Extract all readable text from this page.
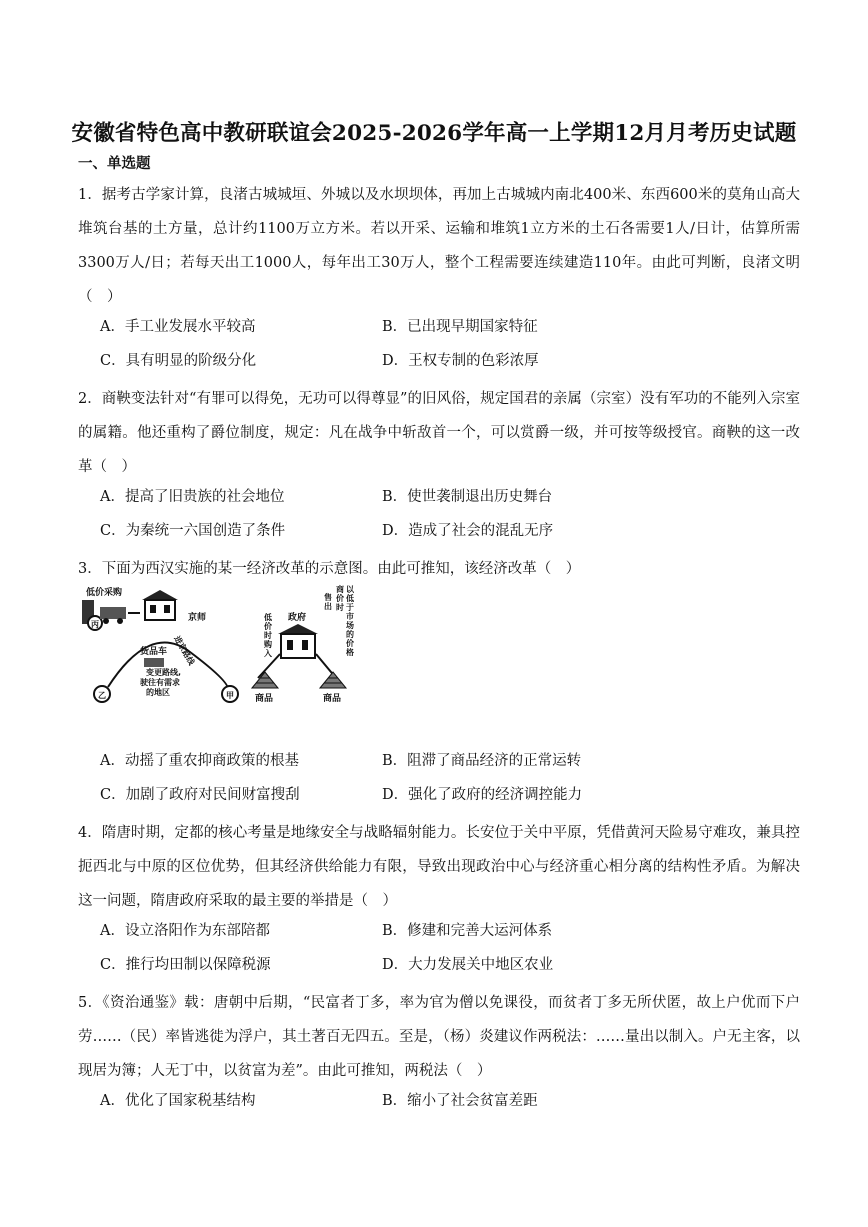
安徽省特色高中教研联谊会2025-2026学年高一上学期12月月考历史试题
一、单选题
1．据考古学家计算，良渚古城城垣、外城以及水坝坝体，再加上古城城内南北400米、东西600米的莫角山高大堆筑台基的土方量，总计约1100万立方米。若以开采、运输和堆筑1立方米的土石各需要1人/日计，估算所需3300万人/日；若每天出工1000人，每年出工30万人，整个工程需要连续建造110年。由此可判断，良渚文明（　）
A．手工业发展水平较高	B．已出现早期国家特征
C．具有明显的阶级分化	D．王权专制的色彩浓厚
2．商鞅变法针对“有罪可以得免，无功可以得尊显”的旧风俗，规定国君的亲属（宗室）没有军功的不能列入宗室的属籍。他还重构了爵位制度，规定：凡在战争中斩敌首一个，可以赏爵一级，并可按等级授官。商鞅的这一改革（　）
A．提高了旧贵族的社会地位	B．使世袭制退出历史舞台
C．为秦统一六国创造了条件	D．造成了社会的混乱无序
3．下面为西汉实施的某一经济改革的示意图。由此可推知，该经济改革（　）
低价采购
丙
京师
货品车 进京路线
变更路线,
驶往有需求
的地区
乙	甲
政府
低
价
时
购
入
售
出
商
价
时
以
低
于
市
场
的
价
格
商品	商品
A．动摇了重农抑商政策的根基	B．阻滞了商品经济的正常运转
C．加剧了政府对民间财富搜刮	D．强化了政府的经济调控能力
4．隋唐时期，定都的核心考量是地缘安全与战略辐射能力。长安位于关中平原，凭借黄河天险易守难攻，兼具控扼西北与中原的区位优势，但其经济供给能力有限，导致出现政治中心与经济重心相分离的结构性矛盾。为解决这一问题，隋唐政府采取的最主要的举措是（　）
A．设立洛阳作为东部陪都	B．修建和完善大运河体系
C．推行均田制以保障税源	D．大力发展关中地区农业
5．《资治通鉴》载：唐朝中后期，“民富者丁多，率为官为僧以免课役，而贫者丁多无所伏匿，故上户优而下户劳……（民）率皆逃徙为浮户，其土著百无四五。至是，（杨）炎建议作两税法：……量出以制入。户无主客，以现居为簿；人无丁中，以贫富为差”。由此可推知，两税法（　）
A．优化了国家税基结构	B．缩小了社会贫富差距
